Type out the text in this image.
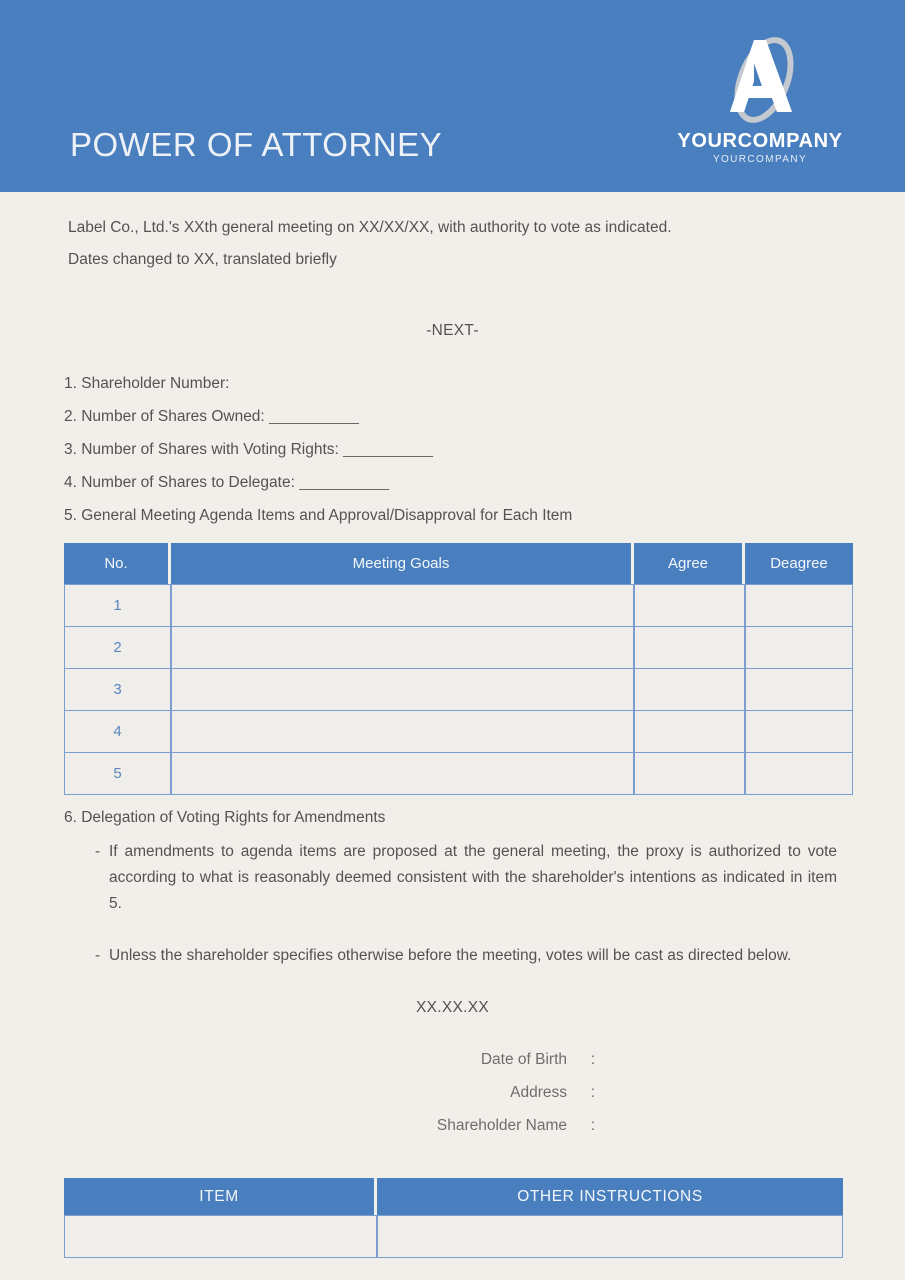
POWER OF ATTORNEY	YOURCOMPANY
YOURCOMPANY
Label Co., Ltd.'s XXth general meeting on XX/XX/XX, with authority to vote as indicated.
Dates changed to XX, translated briefly
-NEXT-
1. Shareholder Number:
2. Number of Shares Owned: ___________
3. Number of Shares with Voting Rights: ___________
4. Number of Shares to Delegate: ___________
5. General Meeting Agenda Items and Approval/Disapproval for Each Item
No.	Meeting Goals	Agree	Deagree
1			
2			
3			
4			
5			
6. Delegation of Voting Rights for Amendments
- If amendments to agenda items are proposed at the general meeting, the proxy is authorized to vote according to what is reasonably deemed consistent with the shareholder's intentions as indicated in item 5.
- Unless the shareholder specifies otherwise before the meeting, votes will be cast as directed below.
XX.XX.XX
Date of Birth	:
Address	:
Shareholder Name	:
ITEM	OTHER INSTRUCTIONS
